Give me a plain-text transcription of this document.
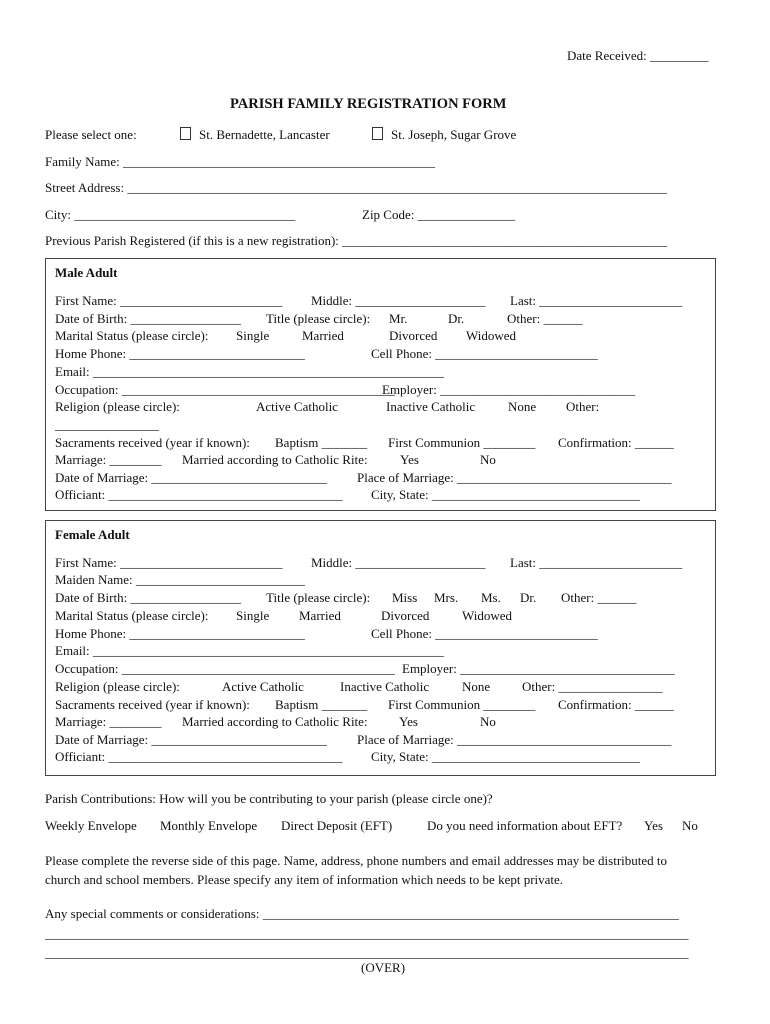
Date Received: _________
PARISH FAMILY REGISTRATION FORM
Please select one:	St. Bernadette, Lancaster	St. Joseph, Sugar Grove
Family Name: ________________________________________________
Street Address: ___________________________________________________________________________________
City: __________________________________	Zip Code: _______________
Previous Parish Registered (if this is a new registration): __________________________________________________
Male Adult
First Name: _________________________ Middle: ____________________ Last: ______________________
Date of Birth: _________________ Title (please circle): Mr.	Dr.	Other: ______
Marital Status (please circle): Single	Married	Divorced Widowed
Home Phone: ___________________________	Cell Phone: _________________________
Email: ______________________________________________________
Occupation: __________________________________________
Employer: ______________________________
Religion (please circle):	Active Catholic	Inactive Catholic	None Other:
________________
Sacraments received (year if known): Baptism _______ First Communion ________ Confirmation: ______
Marriage: ________ Married according to Catholic Rite: Yes	No
Date of Marriage: ___________________________ Place of Marriage: _________________________________
Officiant: ____________________________________ City, State: ________________________________
Female Adult
First Name: _________________________ Middle: ____________________ Last: ______________________
Maiden Name: __________________________
Date of Birth: _________________ Title (please circle): Miss Mrs. Ms. Dr. Other: ______
Marital Status (please circle): Single Married	Divorced	Widowed
Home Phone: ___________________________	Cell Phone: _________________________
Email: ______________________________________________________
Occupation: __________________________________________ Employer: _________________________________
Religion (please circle):	Active Catholic	Inactive Catholic	None Other: ________________
Sacraments received (year if known): Baptism _______ First Communion ________ Confirmation: ______
Marriage: ________ Married according to Catholic Rite: Yes	No
Date of Marriage: ___________________________ Place of Marriage: _________________________________
Officiant: ____________________________________ City, State: ________________________________
Parish Contributions: How will you be contributing to your parish (please circle one)?
Weekly Envelope Monthly Envelope Direct Deposit (EFT)	Do you need information about EFT? Yes No
Please complete the reverse side of this page. Name, address, phone numbers and email addresses may be distributed to
church and school members. Please specify any item of information which needs to be kept private.
Any special comments or considerations: ________________________________________________________________
___________________________________________________________________________________________________
___________________________________________________________________________________________________
(OVER)
